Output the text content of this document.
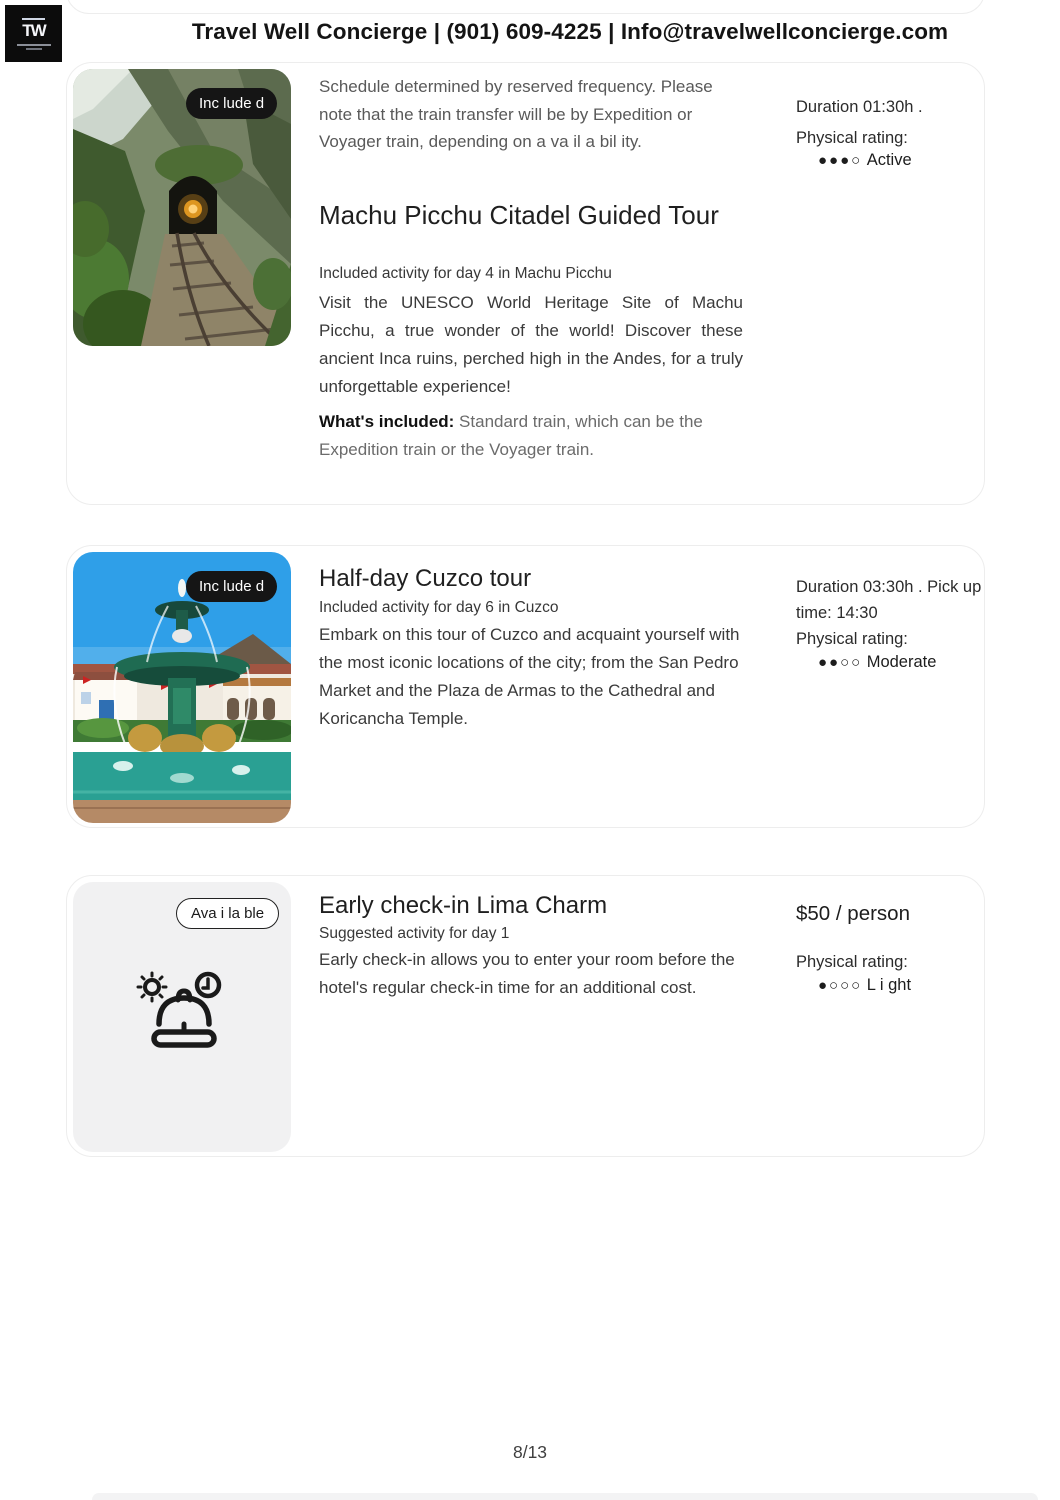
TW	Travel Well Concierge | (901) 609-4225 | Info@travelwellconcierge.com
Inc lude d
Schedule determined by reserved frequency. Please note that the train transfer will be by Expedition or Voyager train, depending on a va il a bil ity.
Machu Picchu Citadel Guided Tour
Included activity for day 4 in Machu Picchu
Visit the UNESCO World Heritage Site of Machu Picchu, a true wonder of the world! Discover these ancient Inca ruins, perched high in the Andes, for a truly unforgettable experience!
What's included: Standard train, which can be the Expedition train or the Voyager train.
Duration 01:30h .
Physical rating:
●●●○ Active
Inc lude d	Half-day Cuzco tour
Included activity for day 6 in Cuzco
Embark on this tour of Cuzco and acquaint yourself with the most iconic locations of the city; from the San Pedro Market and the Plaza de Armas to the Cathedral and Koricancha Temple.
Duration 03:30h . Pick up time: 14:30
Physical rating:
●●○○ Moderate
Ava i la ble	Early check-in Lima Charm
Suggested activity for day 1
Early check-in allows you to enter your room before the hotel's regular check-in time for an additional cost.
$50 / person
Physical rating:
●○○○ L i ght
8/13
